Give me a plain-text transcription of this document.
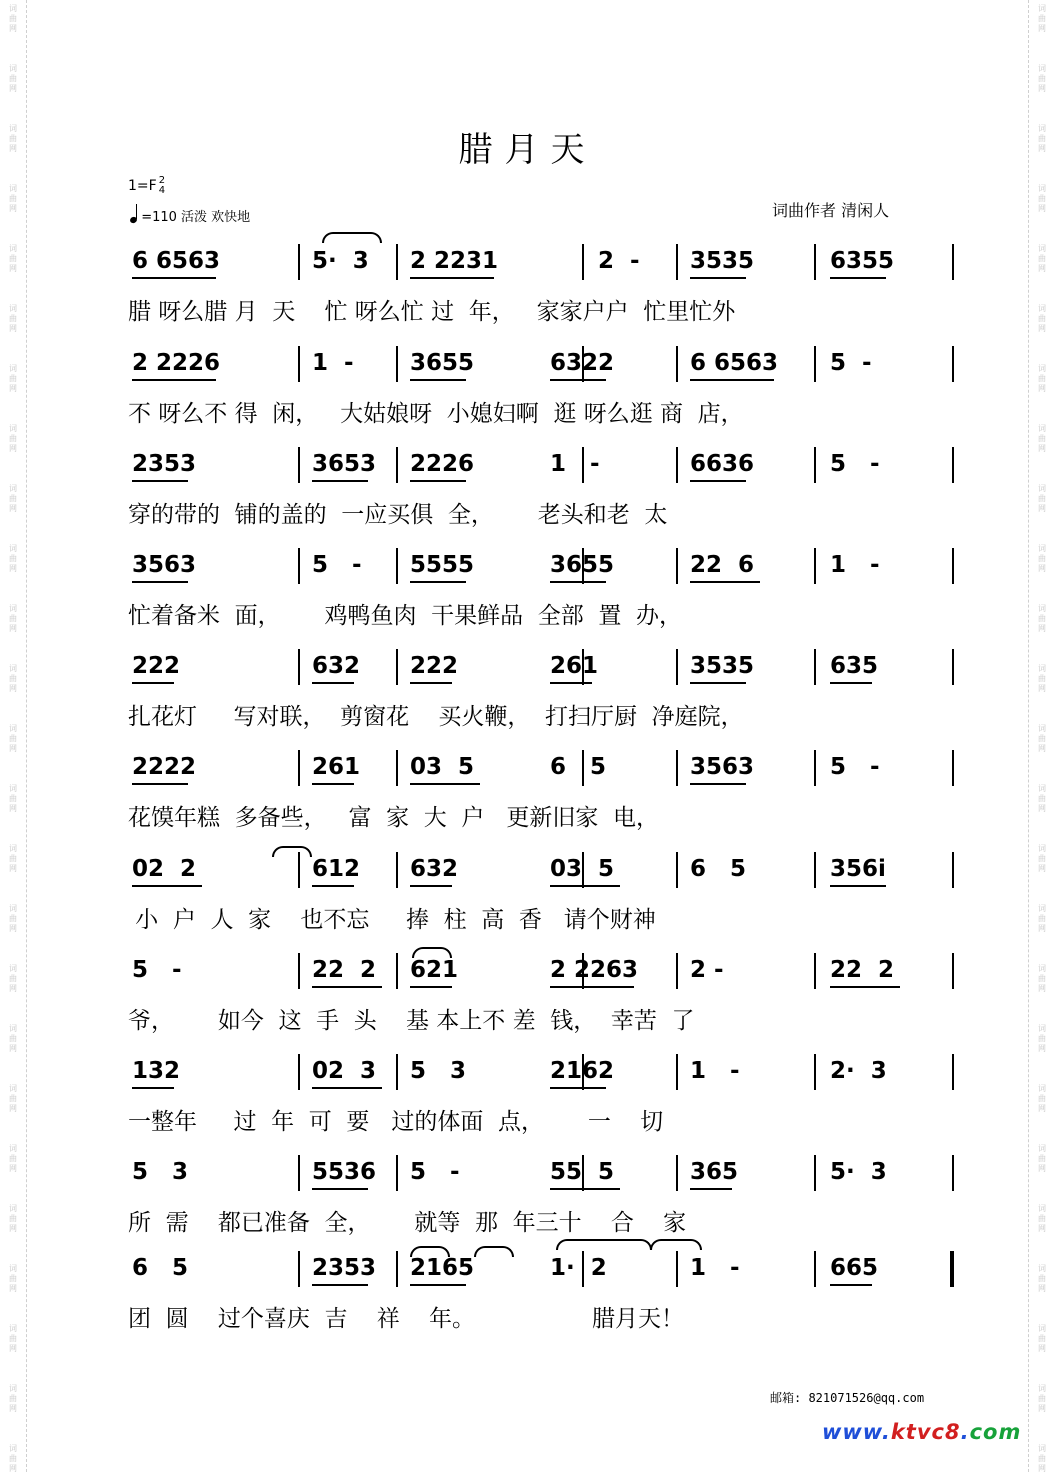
词
曲
网
词
曲
网
词
曲
网
词
曲
网
词
曲
网
词
曲
网
词
曲
网
词
曲
网
词
曲
网
词
曲
网
词
曲
网
词
曲
网
词
曲
网
词
曲
网
词
曲
网
词
曲
网
词
曲
网
词
曲
网
词
曲
网
词
曲
网
词
曲
网
词
曲
网
词
曲
网
词
曲
网
词
曲
网
词
曲
网
词
曲
网
词
曲
网
词
曲
网
词
曲
网
词
曲
网
词
曲
网
词
曲
网
词
曲
网
词
曲
网
词
曲
网
词
曲
网
词
曲
网
词
曲
网
词
曲
网
词
曲
网
词
曲
网
词
曲
网
词
曲
网
词
曲
网
词
曲
网
词
曲
网
词
曲
网
词
曲
网
词
曲
网
腊月天
1=F 2
4
=110 活泼 欢快地	词曲作者 清闲人
6 6563	5·  3 2 2231	2  - 3535	6355
腊 呀么腊 月  天    忙 呀么忙 过  年，   家家户户  忙里忙外
2 2226	1  - 3655	6322	6 6563 5  -
不 呀么不 得  闲，   大姑娘呀  小媳妇啊  逛 呀么逛 商  店，
2353	3653 2226	1   -	6636	5   -
穿的带的  铺的盖的  一应买俱  全，      老头和老  太
3563	5   - 5555	3655	22  6	1   -
忙着备米  面，      鸡鸭鱼肉  干果鲜品  全部  置  办，
222	632 222	261	3535	635
扎花灯     写对联，  剪窗花    买火鞭，  打扫厅厨  净庭院，
2222	261 03  5	6   5	3563	5   -
花馍年糕  多备些，   富  家  大  户   更新旧家  电，
02  2	612 632	03  5	6   5	356i
小  户  人  家    也不忘     捧  柱  高  香   请个财神
5   -	22  2 621	2 2263 2 -	22  2
爷，      如今  这  手  头    基 本上不 差  钱，  幸苦  了
132	02  3 5   3	2162	1   -	2·  3
一整年     过  年  可  要   过的体面  点，      一    切
5   3	5536 5   -	55  5	365	5·  3
所  需    都已准备  全，      就等  那  年三十    合    家
6   5	2353 2165	1·  2	1   -	665
团  圆    过个喜庆  吉    祥    年。                腊月天！
邮箱: 821071526@qq.com
www.ktvc8.com
